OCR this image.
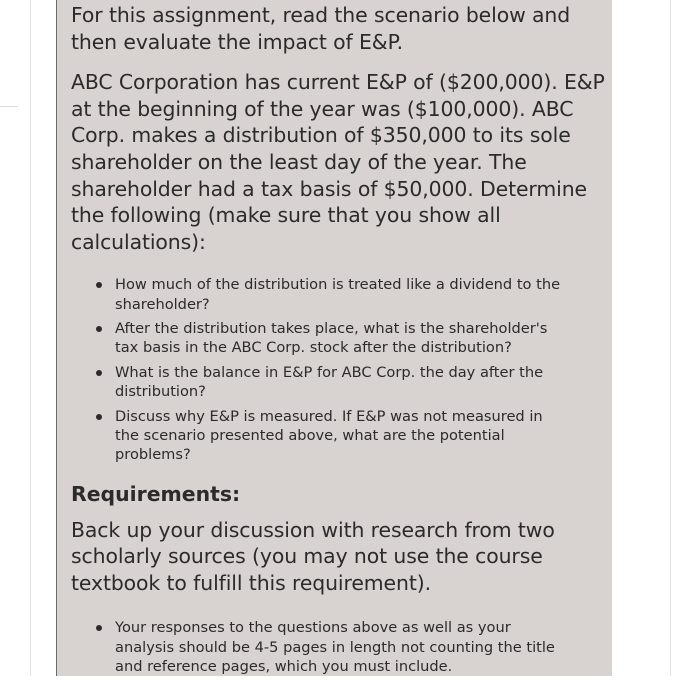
For this assignment, read the scenario below and then evaluate the impact of E&P.

ABC Corporation has current E&P of ($200,000). E&P at the beginning of the year was ($100,000). ABC Corp. makes a distribution of $350,000 to its sole shareholder on the least day of the year. The shareholder had a tax basis of $50,000. Determine the following (make sure that you show all calculations):

How much of the distribution is treated like a dividend to the shareholder?
After the distribution takes place, what is the shareholder's tax basis in the ABC Corp. stock after the distribution?
What is the balance in E&P for ABC Corp. the day after the distribution?
Discuss why E&P is measured. If E&P was not measured in the scenario presented above, what are the potential problems?
Requirements:

Back up your discussion with research from two scholarly sources (you may not use the course textbook to fulfill this requirement).

Your responses to the questions above as well as your analysis should be 4-5 pages in length not counting the title and reference pages, which you must include.
